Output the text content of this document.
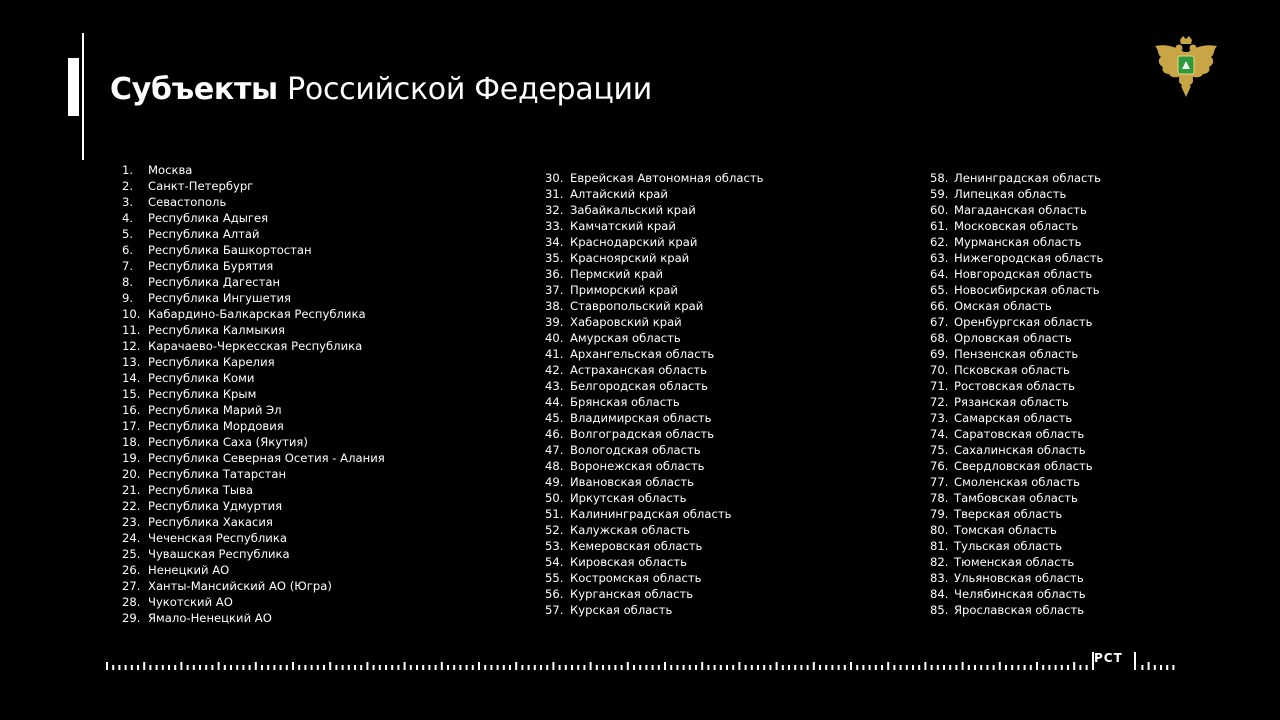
Субъекты Российской Федерации
1.	Москва
2.	Санкт-Петербург
3.	Севастополь
4.	Республика Адыгея
5.	Республика Алтай
6.	Республика Башкортостан
7.	Республика Бурятия
8.	Республика Дагестан
9.	Республика Ингушетия
10. Кабардино-Балкарская Республика
11. Республика Калмыкия
12. Карачаево-Черкесская Республика
13. Республика Карелия
14. Республика Коми
15. Республика Крым
16. Республика Марий Эл
17. Республика Мордовия
18. Республика Саха (Якутия)
19. Республика Северная Осетия - Алания
20. Республика Татарстан
21. Республика Тыва
22. Республика Удмуртия
23. Республика Хакасия
24. Чеченская Республика
25. Чувашская Республика
26. Ненецкий АО
27. Ханты-Мансийский АО (Югра)
28. Чукотский АО
29. Ямало-Ненецкий АО
30. Еврейская Автономная область
31. Алтайский край
32. Забайкальский край
33. Камчатский край
34. Краснодарский край
35. Красноярский край
36. Пермский край
37. Приморский край
38. Ставропольский край
39. Хабаровский край
40. Амурская область
41. Архангельская область
42. Астраханская область
43. Белгородская область
44. Брянская область
45. Владимирская область
46. Волгоградская область
47. Вологодская область
48. Воронежская область
49. Ивановская область
50. Иркутская область
51. Калининградская область
52. Калужская область
53. Кемеровская область
54. Кировская область
55. Костромская область
56. Курганская область
57. Курская область
58. Ленинградская область
59. Липецкая область
60. Магаданская область
61. Московская область
62. Мурманская область
63. Нижегородская область
64. Новгородская область
65. Новосибирская область
66. Омская область
67. Оренбургская область
68. Орловская область
69. Пензенская область
70. Псковская область
71. Ростовская область
72. Рязанская область
73. Самарская область
74. Саратовская область
75. Сахалинская область
76. Свердловская область
77. Смоленская область
78. Тамбовская область
79. Тверская область
80. Томская область
81. Тульская область
82. Тюменская область
83. Ульяновская область
84. Челябинская область
85. Ярославская область
РСТ
